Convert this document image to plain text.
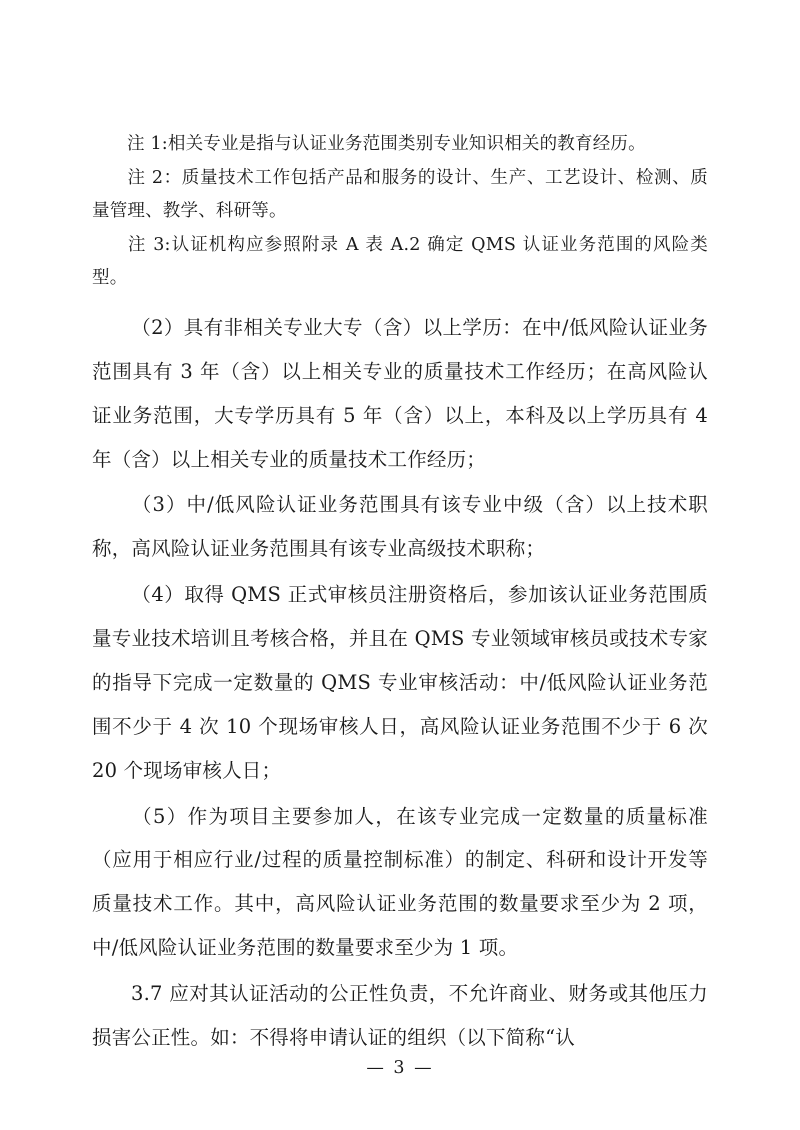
注 1:相关专业是指与认证业务范围类别专业知识相关的教育经历。

注 2：质量技术工作包括产品和服务的设计、生产、工艺设计、检测、质量管理、教学、科研等。

注 3:认证机构应参照附录 A 表 A.2 确定 QMS 认证业务范围的风险类型。

（2）具有非相关专业大专（含）以上学历：在中/低风险认证业务范围具有 3 年（含）以上相关专业的质量技术工作经历；在高风险认证业务范围，大专学历具有 5 年（含）以上，本科及以上学历具有 4 年（含）以上相关专业的质量技术工作经历；

（3）中/低风险认证业务范围具有该专业中级（含）以上技术职称，高风险认证业务范围具有该专业高级技术职称；

（4）取得 QMS 正式审核员注册资格后，参加该认证业务范围质量专业技术培训且考核合格，并且在 QMS 专业领域审核员或技术专家的指导下完成一定数量的 QMS 专业审核活动：中/低风险认证业务范围不少于 4 次 10 个现场审核人日，高风险认证业务范围不少于 6 次 20 个现场审核人日；

（5）作为项目主要参加人，在该专业完成一定数量的质量标准（应用于相应行业/过程的质量控制标准）的制定、科研和设计开发等质量技术工作。其中，高风险认证业务范围的数量要求至少为 2 项，中/低风险认证业务范围的数量要求至少为 1 项。

3.7 应对其认证活动的公正性负责，不允许商业、财务或其他压力损害公正性。如：不得将申请认证的组织（以下简称“认

— 3 —
